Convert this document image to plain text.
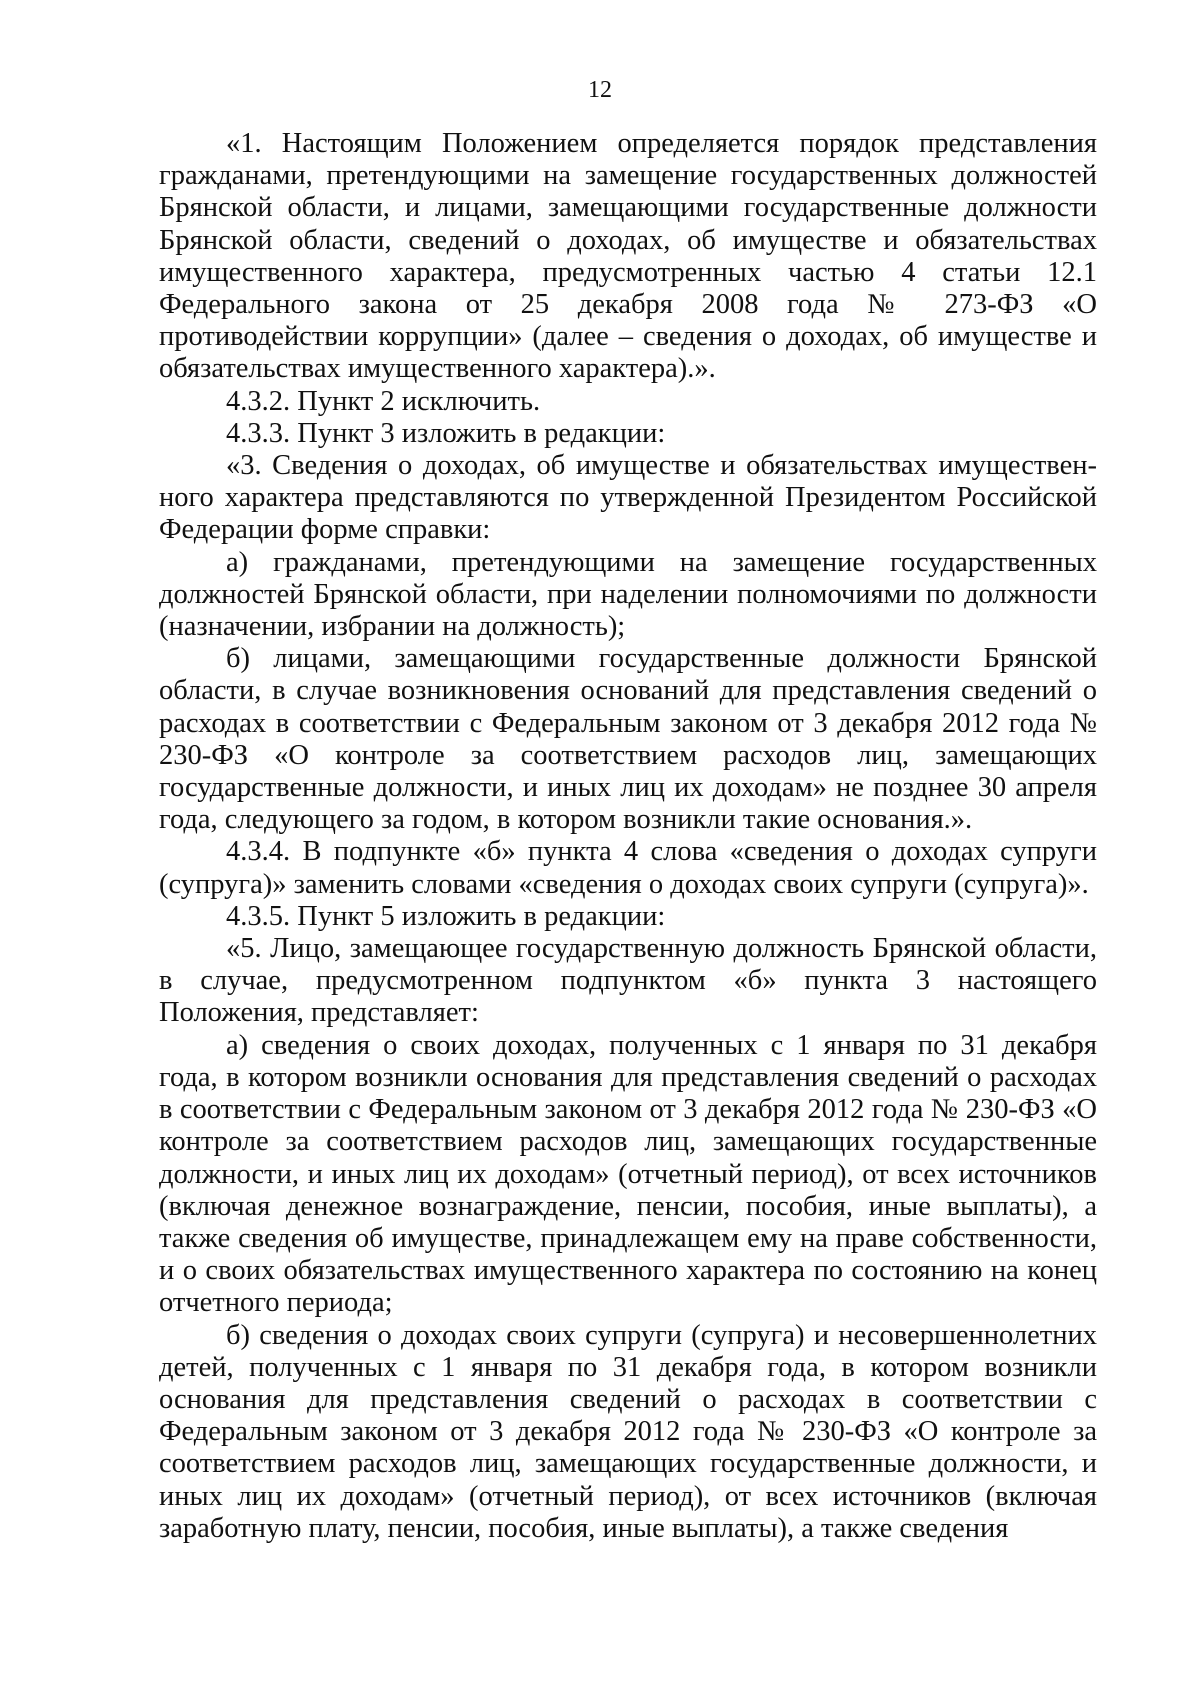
12

«1. Настоящим Положением определяется порядок представления гражданами, претендующими на замещение государственных должностей Брянской области, и лицами, замещающими государственные должности Брянской области, сведений о доходах, об имуществе и обязательствах имущественного характера, предусмотренных частью 4 статьи 12.1 Федерального закона от 25 декабря 2008 года № 273-ФЗ «О противодействии коррупции» (далее – сведения о доходах, об имуществе и обязательствах имущественного характера).».

4.3.2. Пункт 2 исключить.

4.3.3. Пункт 3 изложить в редакции:

«3. Сведения о доходах, об имуществе и обязательствах имущественного характера представляются по утвержденной Президентом Российской Федерации форме справки:

а) гражданами, претендующими на замещение государственных должностей Брянской области, при наделении полномочиями по должности (назначении, избрании на должность);

б) лицами, замещающими государственные должности Брянской области, в случае возникновения оснований для представления сведений о расходах в соответствии с Федеральным законом от 3 декабря 2012 года № 230-ФЗ «О контроле за соответствием расходов лиц, замещающих государственные должности, и иных лиц их доходам» не позднее 30 апреля года, следующего за годом, в котором возникли такие основания.».

4.3.4. В подпункте «б» пункта 4 слова «сведения о доходах супруги (супруга)» заменить словами «сведения о доходах своих супруги (супруга)».

4.3.5. Пункт 5 изложить в редакции:

«5. Лицо, замещающее государственную должность Брянской области, в случае, предусмотренном подпунктом «б» пункта 3 настоящего Положения, представляет:

а) сведения о своих доходах, полученных с 1 января по 31 декабря года, в котором возникли основания для представления сведений о расходах в соответствии с Федеральным законом от 3 декабря 2012 года № 230-ФЗ «О контроле за соответствием расходов лиц, замещающих государственные должности, и иных лиц их доходам» (отчетный период), от всех источников (включая денежное вознаграждение, пенсии, пособия, иные выплаты), а также сведения об имуществе, принадлежащем ему на праве собственности, и о своих обязательствах имущественного характера по состоянию на конец отчетного периода;

б) сведения о доходах своих супруги (супруга) и несовершеннолетних детей, полученных с 1 января по 31 декабря года, в котором возникли основания для представления сведений о расходах в соответствии с Федеральным законом от 3 декабря 2012 года № 230-ФЗ «О контроле за соответствием расходов лиц, замещающих государственные должности, и иных лиц их доходам» (отчетный период), от всех источников (включая заработную плату, пенсии, пособия, иные выплаты), а также сведения
